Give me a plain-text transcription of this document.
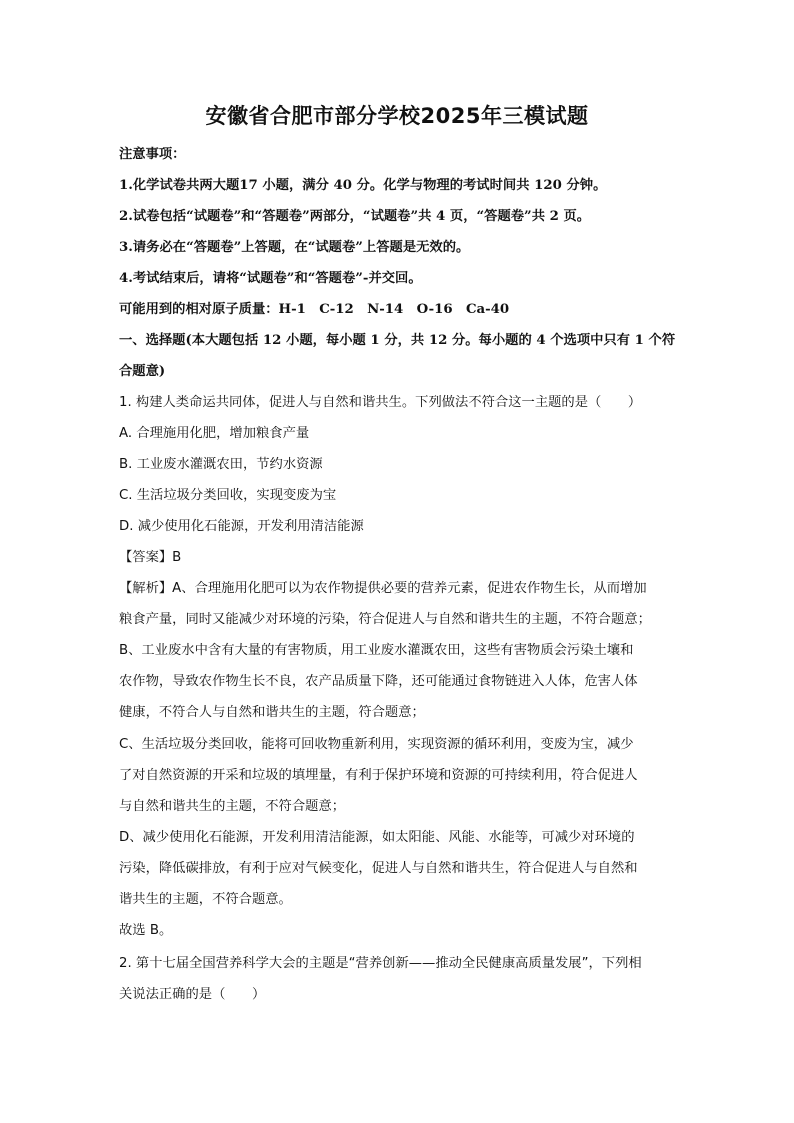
安徽省合肥市部分学校2025年三模试题
注意事项：
1.化学试卷共两大题17 小题，满分 40 分。化学与物理的考试时间共 120 分钟。
2.试卷包括“试题卷”和“答题卷”两部分，“试题卷”共 4 页，“答题卷”共 2 页。
3.请务必在“答题卷”上答题，在“试题卷”上答题是无效的。
4.考试结束后，请将“试题卷”和“答题卷”-并交回。
可能用到的相对原子质量：H-1　C-12　N-14　O-16　Ca-40
一、选择题(本大题包括 12 小题，每小题 1 分，共 12 分。每小题的 4 个选项中只有 1 个符
合题意)
1. 构建人类命运共同体，促进人与自然和谐共生。下列做法不符合这一主题的是（　　）
A. 合理施用化肥，增加粮食产量
B. 工业废水灌溉农田，节约水资源
C. 生活垃圾分类回收，实现变废为宝
D. 减少使用化石能源，开发利用清洁能源
【答案】B
【解析】A、合理施用化肥可以为农作物提供必要的营养元素，促进农作物生长，从而增加
粮食产量，同时又能减少对环境的污染，符合促进人与自然和谐共生的主题，不符合题意；
B、工业废水中含有大量的有害物质，用工业废水灌溉农田，这些有害物质会污染土壤和
农作物，导致农作物生长不良，农产品质量下降，还可能通过食物链进入人体，危害人体
健康，不符合人与自然和谐共生的主题，符合题意；
C、生活垃圾分类回收，能将可回收物重新利用，实现资源的循环利用，变废为宝，减少
了对自然资源的开采和垃圾的填埋量，有利于保护环境和资源的可持续利用，符合促进人
与自然和谐共生的主题，不符合题意；
D、减少使用化石能源，开发利用清洁能源，如太阳能、风能、水能等，可减少对环境的
污染，降低碳排放，有利于应对气候变化，促进人与自然和谐共生，符合促进人与自然和
谐共生的主题，不符合题意。
故选 B。
2. 第十七届全国营养科学大会的主题是“营养创新——推动全民健康高质量发展”，下列相
关说法正确的是（　　）
